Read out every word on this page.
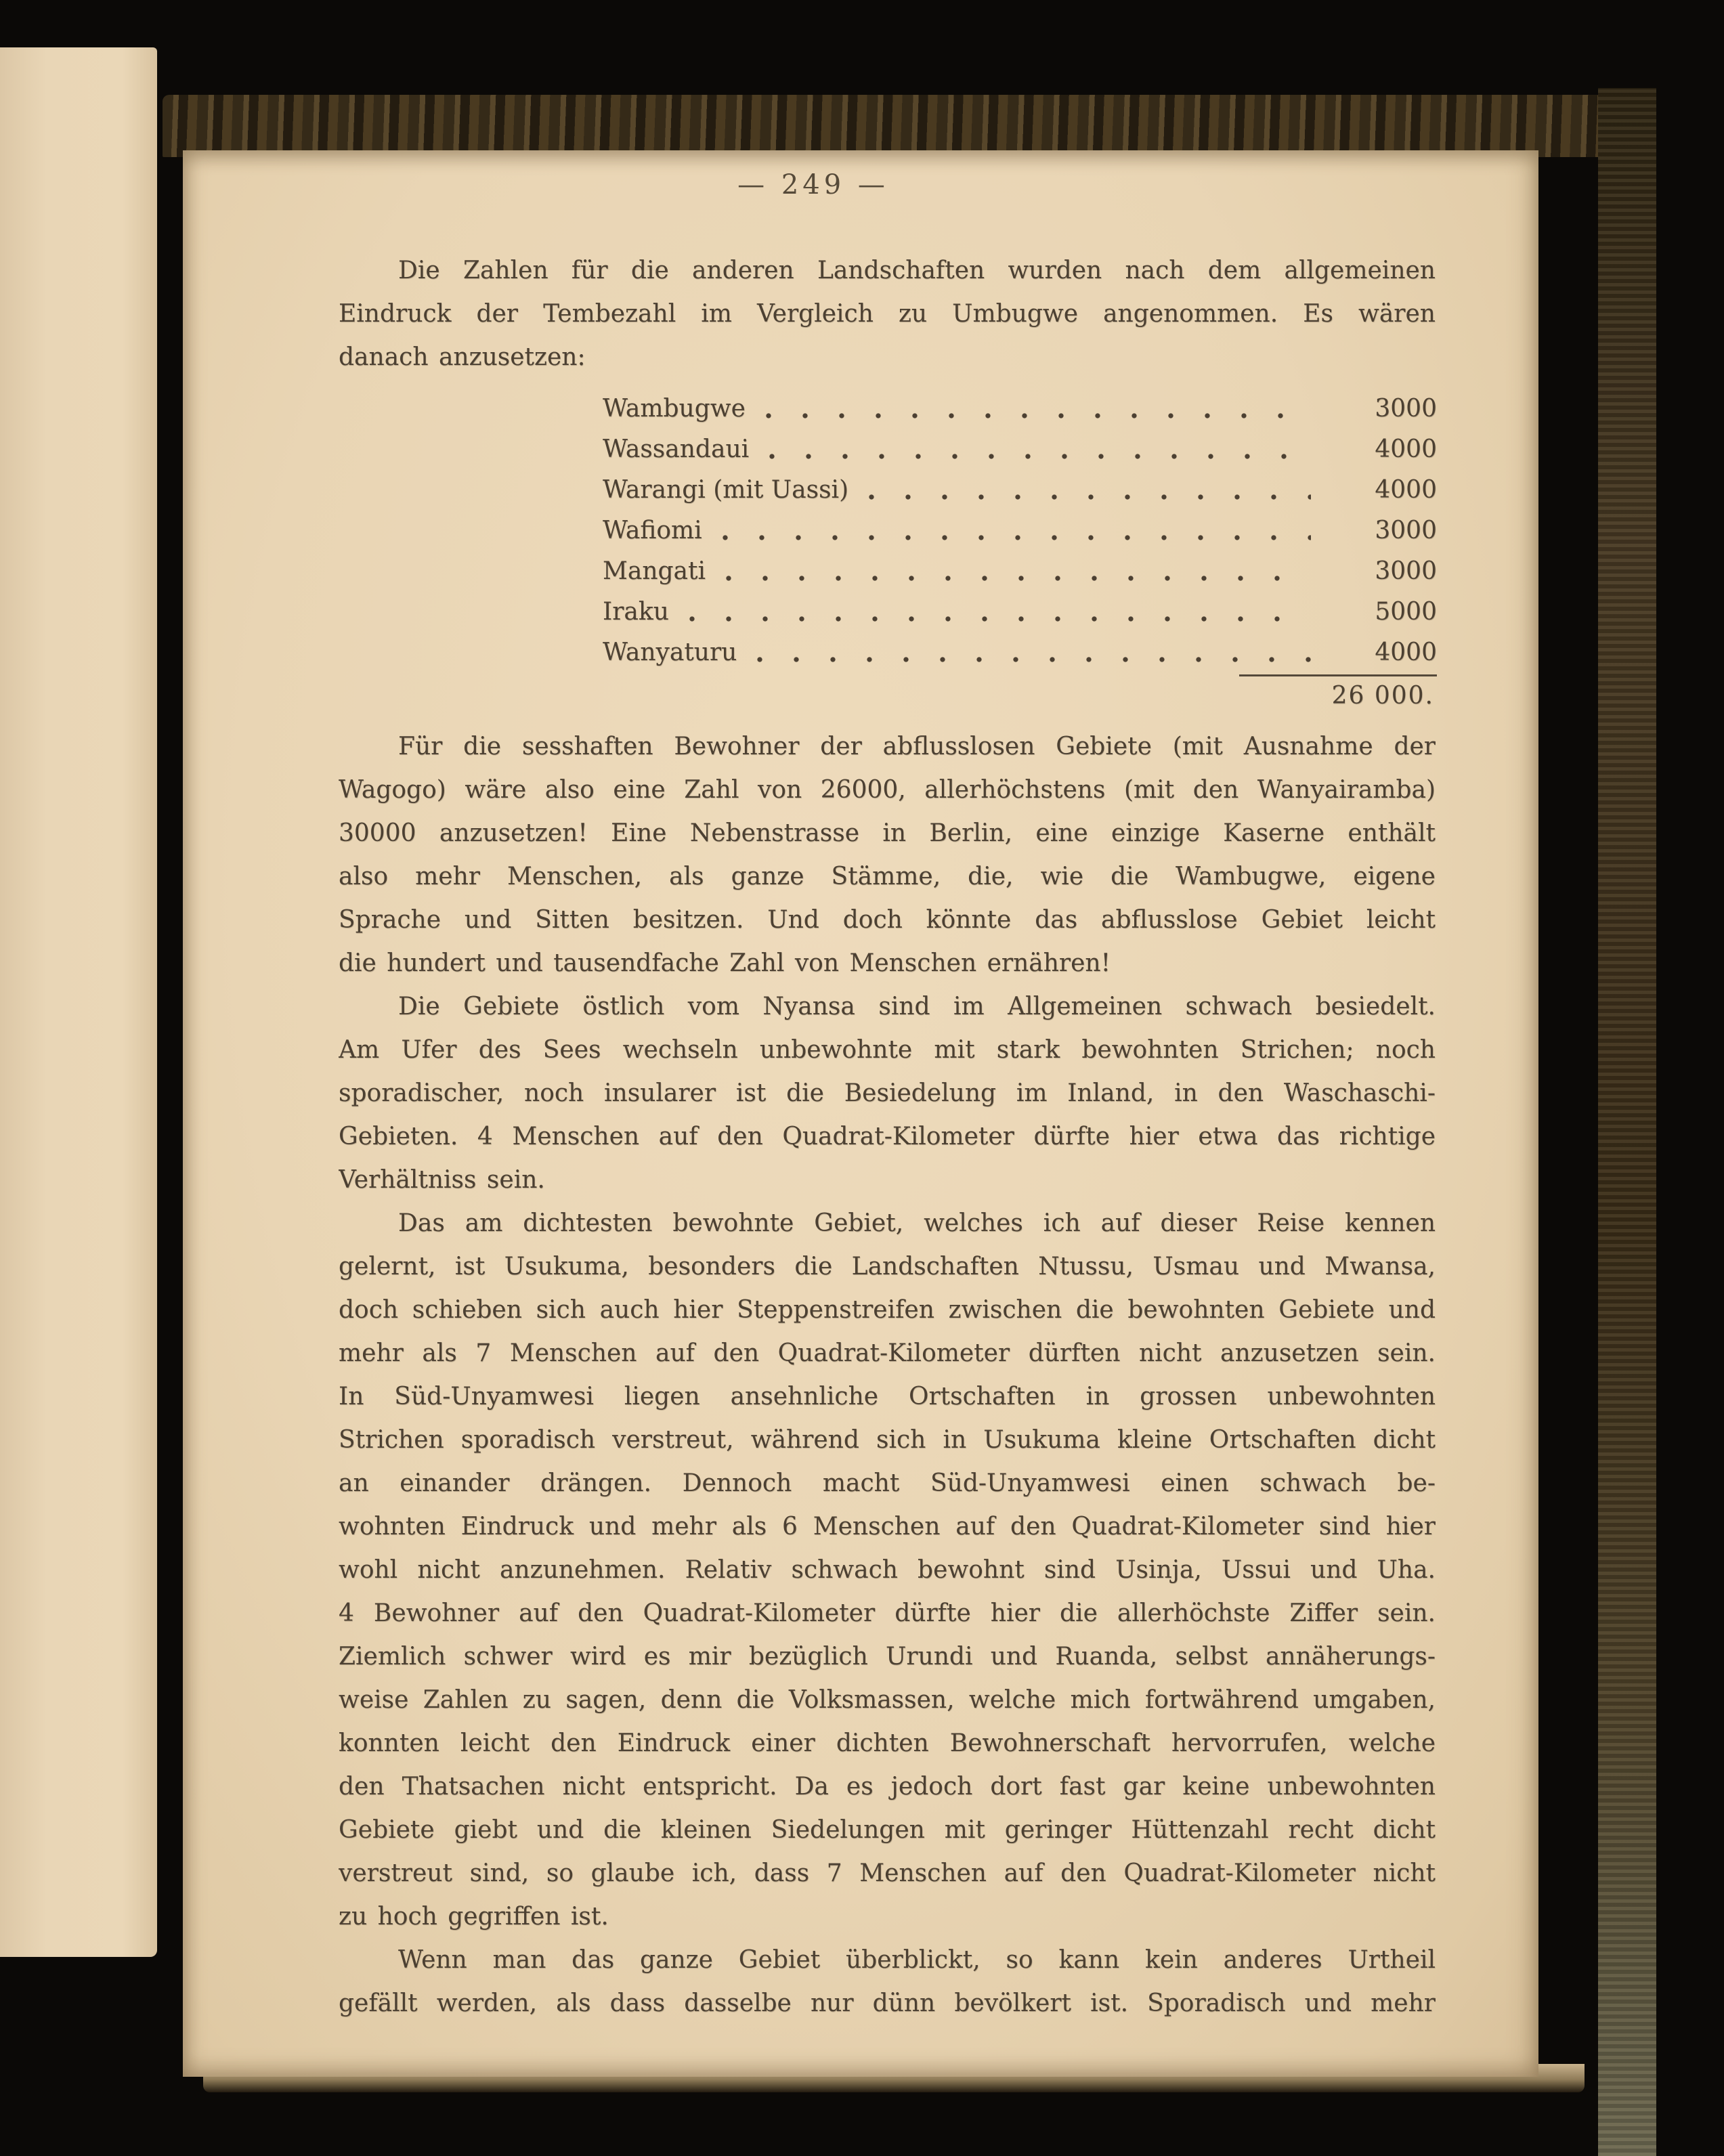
— 249 —
Die Zahlen für die anderen Landschaften wurden nach dem allgemeinen
Eindruck der Tembezahl im Vergleich zu Umbugwe angenommen. Es wären
danach anzusetzen:
Wambugwe	3000
Wassandaui	4000
Warangi (mit Uassi)	4000
Wafiomi	3000
Mangati	3000
Iraku	5000
Wanyaturu	4000
26 000.
Für die sesshaften Bewohner der abflusslosen Gebiete (mit Ausnahme der
Wagogo) wäre also eine Zahl von 26000, allerhöchstens (mit den Wanyairamba)
30000 anzusetzen! Eine Nebenstrasse in Berlin, eine einzige Kaserne enthält
also mehr Menschen, als ganze Stämme, die, wie die Wambugwe, eigene
Sprache und Sitten besitzen. Und doch könnte das abflusslose Gebiet leicht
die hundert und tausendfache Zahl von Menschen ernähren!
Die Gebiete östlich vom Nyansa sind im Allgemeinen schwach besiedelt.
Am Ufer des Sees wechseln unbewohnte mit stark bewohnten Strichen; noch
sporadischer, noch insularer ist die Besiedelung im Inland, in den Waschaschi-
Gebieten. 4 Menschen auf den Quadrat-Kilometer dürfte hier etwa das richtige
Verhältniss sein.
Das am dichtesten bewohnte Gebiet, welches ich auf dieser Reise kennen
gelernt, ist Usukuma, besonders die Landschaften Ntussu, Usmau und Mwansa,
doch schieben sich auch hier Steppenstreifen zwischen die bewohnten Gebiete und
mehr als 7 Menschen auf den Quadrat-Kilometer dürften nicht anzusetzen sein.
In Süd-Unyamwesi liegen ansehnliche Ortschaften in grossen unbewohnten
Strichen sporadisch verstreut, während sich in Usukuma kleine Ortschaften dicht
an einander drängen. Dennoch macht Süd-Unyamwesi einen schwach be-
wohnten Eindruck und mehr als 6 Menschen auf den Quadrat-Kilometer sind hier
wohl nicht anzunehmen. Relativ schwach bewohnt sind Usinja, Ussui und Uha.
4 Bewohner auf den Quadrat-Kilometer dürfte hier die allerhöchste Ziffer sein.
Ziemlich schwer wird es mir bezüglich Urundi und Ruanda, selbst annäherungs-
weise Zahlen zu sagen, denn die Volksmassen, welche mich fortwährend umgaben,
konnten leicht den Eindruck einer dichten Bewohnerschaft hervorrufen, welche
den Thatsachen nicht entspricht. Da es jedoch dort fast gar keine unbewohnten
Gebiete giebt und die kleinen Siedelungen mit geringer Hüttenzahl recht dicht
verstreut sind, so glaube ich, dass 7 Menschen auf den Quadrat-Kilometer nicht
zu hoch gegriffen ist.
Wenn man das ganze Gebiet überblickt, so kann kein anderes Urtheil
gefällt werden, als dass dasselbe nur dünn bevölkert ist. Sporadisch und mehr
